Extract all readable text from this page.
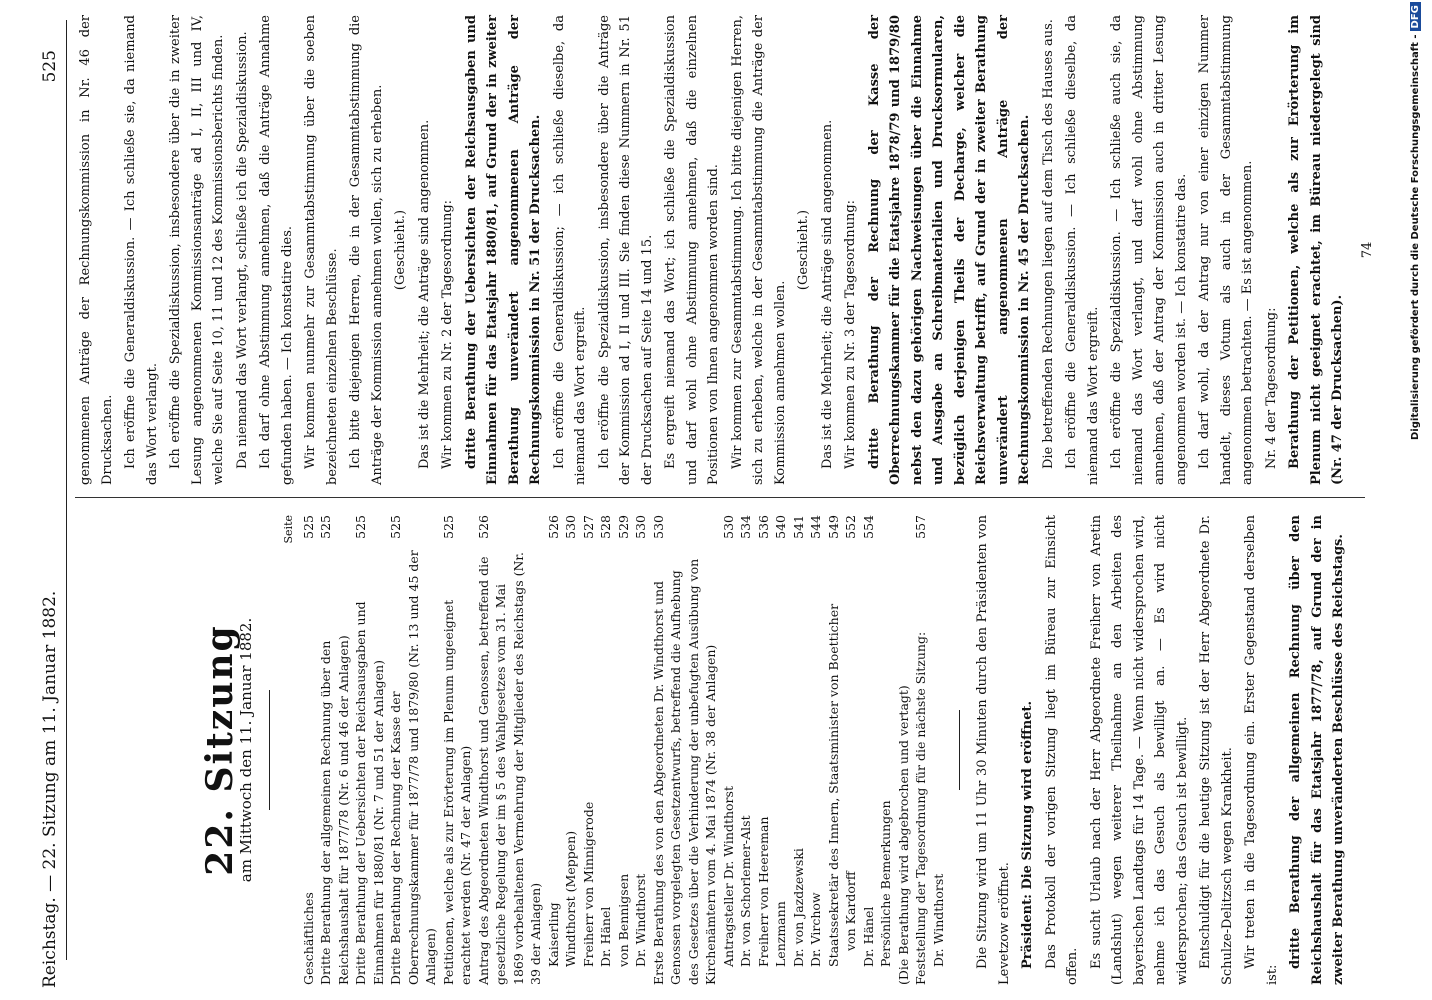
Reichstag. — 22. Sitzung am 11. Januar 1882.
525
22. Sitzung
am Mittwoch den 11. Januar 1882.
Seite
Geschäftliches
525
Dritte Berathung der allgemeinen Rechnung über den Reichshaushalt für 1877/78 (Nr. 6 und 46 der Anlagen)
525
Dritte Berathung der Uebersichten der Reichsausgaben und Einnahmen für 1880/81 (Nr. 7 und 51 der Anlagen)
525
Dritte Berathung der Rechnung der Kasse der Oberrechnungskammer für 1877/78 und 1879/80 (Nr. 13 und 45 der Anlagen)
525
Petitionen, welche als zur Erörterung im Plenum ungeeignet erachtet werden (Nr. 47 der Anlagen)
525
Antrag des Abgeordneten Windthorst und Genossen, betreffend die gesetzliche Regelung der im § 5 des Wahlgesetzes vom 31. Mai 1869 vorbehaltenen Vermehrung der Mitglieder des Reichstags (Nr. 39 der Anlagen)
526
Kaiserling
526
Windthorst (Meppen)
530
Freiherr von Minnigerode
527
Dr. Hänel
528
von Bennigsen
529
Dr. Windthorst
530
Erste Berathung des von den Abgeordneten Dr. Windthorst und Genossen vorgelegten Gesetzentwurfs, betreffend die Aufhebung des Gesetzes über die Verhinderung der unbefugten Ausübung von Kirchenämtern vom 4. Mai 1874 (Nr. 38 der Anlagen)
530
Antragsteller Dr. Windthorst
530
Dr. von Schorlemer-Alst
534
Freiherr von Heereman
536
Lenzmann
540
Dr. von Jazdzewski
541
Dr. Virchow
544
Staatssekretär des Innern, Staatsminister von Boetticher
549
von Kardorff
552
Dr. Hänel
554
Persönliche Bemerkungen (Die Berathung wird abgebrochen und vertagt) Feststellung der Tagesordnung für die nächste Sitzung:
557
Dr. Windthorst Die Sitzung wird um 11 Uhr 30 Minuten durch den Präsidenten von Levetzow eröffnet. Präsident: Die Sitzung wird eröffnet. Das Protokoll der vorigen Sitzung liegt im Büreau zur Einsicht offen. Es sucht Urlaub nach der Herr Abgeordnete Freiherr von Aretin (Landshut) wegen weiterer Theilnahme an den Arbeiten des bayerischen Landtags für 14 Tage. — Wenn nicht widersprochen wird, nehme ich das Gesuch als bewilligt an. — Es wird nicht widersprochen; das Gesuch ist bewilligt. Entschuldigt für die heutige Sitzung ist der Herr Abgeordnete Dr. Schulze-Delitzsch wegen Krankheit. Wir treten in die Tagesordnung ein. Erster Gegenstand derselben ist:

dritte Berathung der allgemeinen Rechnung über den Reichshaushalt für das Etatsjahr 1877/78, auf Grund der in zweiter Berathung unveränderten Beschlüsse des Reichstags.

genommenen Anträge der Rechnungskommission in Nr. 46 der Drucksachen. Ich eröffne die Generaldiskussion. — Ich schließe sie, da niemand das Wort verlangt. Ich eröffne die Spezialdiskussion, insbesondere über die in zweiter Lesung angenommenen Kommissionsanträge ad I, II, III und IV, welche Sie auf Seite 10, 11 und 12 des Kommissionsberichts finden. Da niemand das Wort verlangt, schließe ich die Spezialdiskussion. Ich darf ohne Abstimmung annehmen, daß die Anträge Annahme gefunden haben. — Ich konstatire dies. Wir kommen nunmehr zur Gesammtabstimmung über die soeben bezeichneten einzelnen Beschlüsse. Ich bitte diejenigen Herren, die in der Gesammtabstimmung die Anträge der Kommission annehmen wollen, sich zu erheben. (Geschieht.) Das ist die Mehrheit; die Anträge sind angenommen. Wir kommen zu Nr. 2 der Tagesordnung: dritte Berathung der Uebersichten der Reichsausgaben und Einnahmen für das Etatsjahr 1880/81, auf Grund der in zweiter Berathung unverändert angenommenen Anträge der Rechnungskommission in Nr. 51 der Drucksachen. Ich eröffne die Generaldiskussion; — ich schließe dieselbe, da niemand das Wort ergreift. Ich eröffne die Spezialdiskussion, insbesondere über die Anträge der Kommission ad I, II und III. Sie finden diese Nummern in Nr. 51 der Drucksachen auf Seite 14 und 15. Es ergreift niemand das Wort; ich schließe die Spezialdiskussion und darf wohl ohne Abstimmung annehmen, daß die einzelnen Positionen von Ihnen angenommen worden sind. Wir kommen zur Gesammtabstimmung. Ich bitte diejenigen Herren, sich zu erheben, welche in der Gesammtabstimmung die Anträge der Kommission annehmen wollen.

(Geschieht.) Das ist die Mehrheit; die Anträge sind angenommen. Wir kommen zu Nr. 3 der Tagesordnung: dritte Berathung der Rechnung der Kasse der Oberrechnungskammer für die Etatsjahre 1878/79 und 1879/80 nebst den dazu gehörigen Nachweisungen über die Einnahme und Ausgabe an Schreibmaterialien und Drucksormularen, bezüglich derjenigen Theils der Decharge, welcher die Reichsverwaltung betrifft, auf Grund der in zweiter Berathung unverändert angenommenen Anträge der Rechnungskommission in Nr. 45 der Drucksachen. Die betreffenden Rechnungen liegen auf dem Tisch des Hauses aus. Ich eröffne die Generaldiskussion. — Ich schließe dieselbe, da niemand das Wort ergreift. Ich eröffne die Spezialdiskussion. — Ich schließe auch sie, da niemand das Wort verlangt, und darf wohl ohne Abstimmung annehmen, daß der Antrag der Kommission auch in dritter Lesung angenommen worden ist. — Ich konstatire das. Ich darf wohl, da der Antrag nur von einer einzigen Nummer handelt, dieses Votum als auch in der Gesammtabstimmung angenommen betrachten. — Es ist angenommen. Nr. 4 der Tagesordnung: Berathung der Petitionen, welche als zur Erörterung im Plenum nicht geeignet erachtet, im Büreau niedergelegt sind (Nr. 47 der Drucksachen).

74	Digitalisierung gefördert durch die Deutsche Forschungsgemeinschaft -DFG
